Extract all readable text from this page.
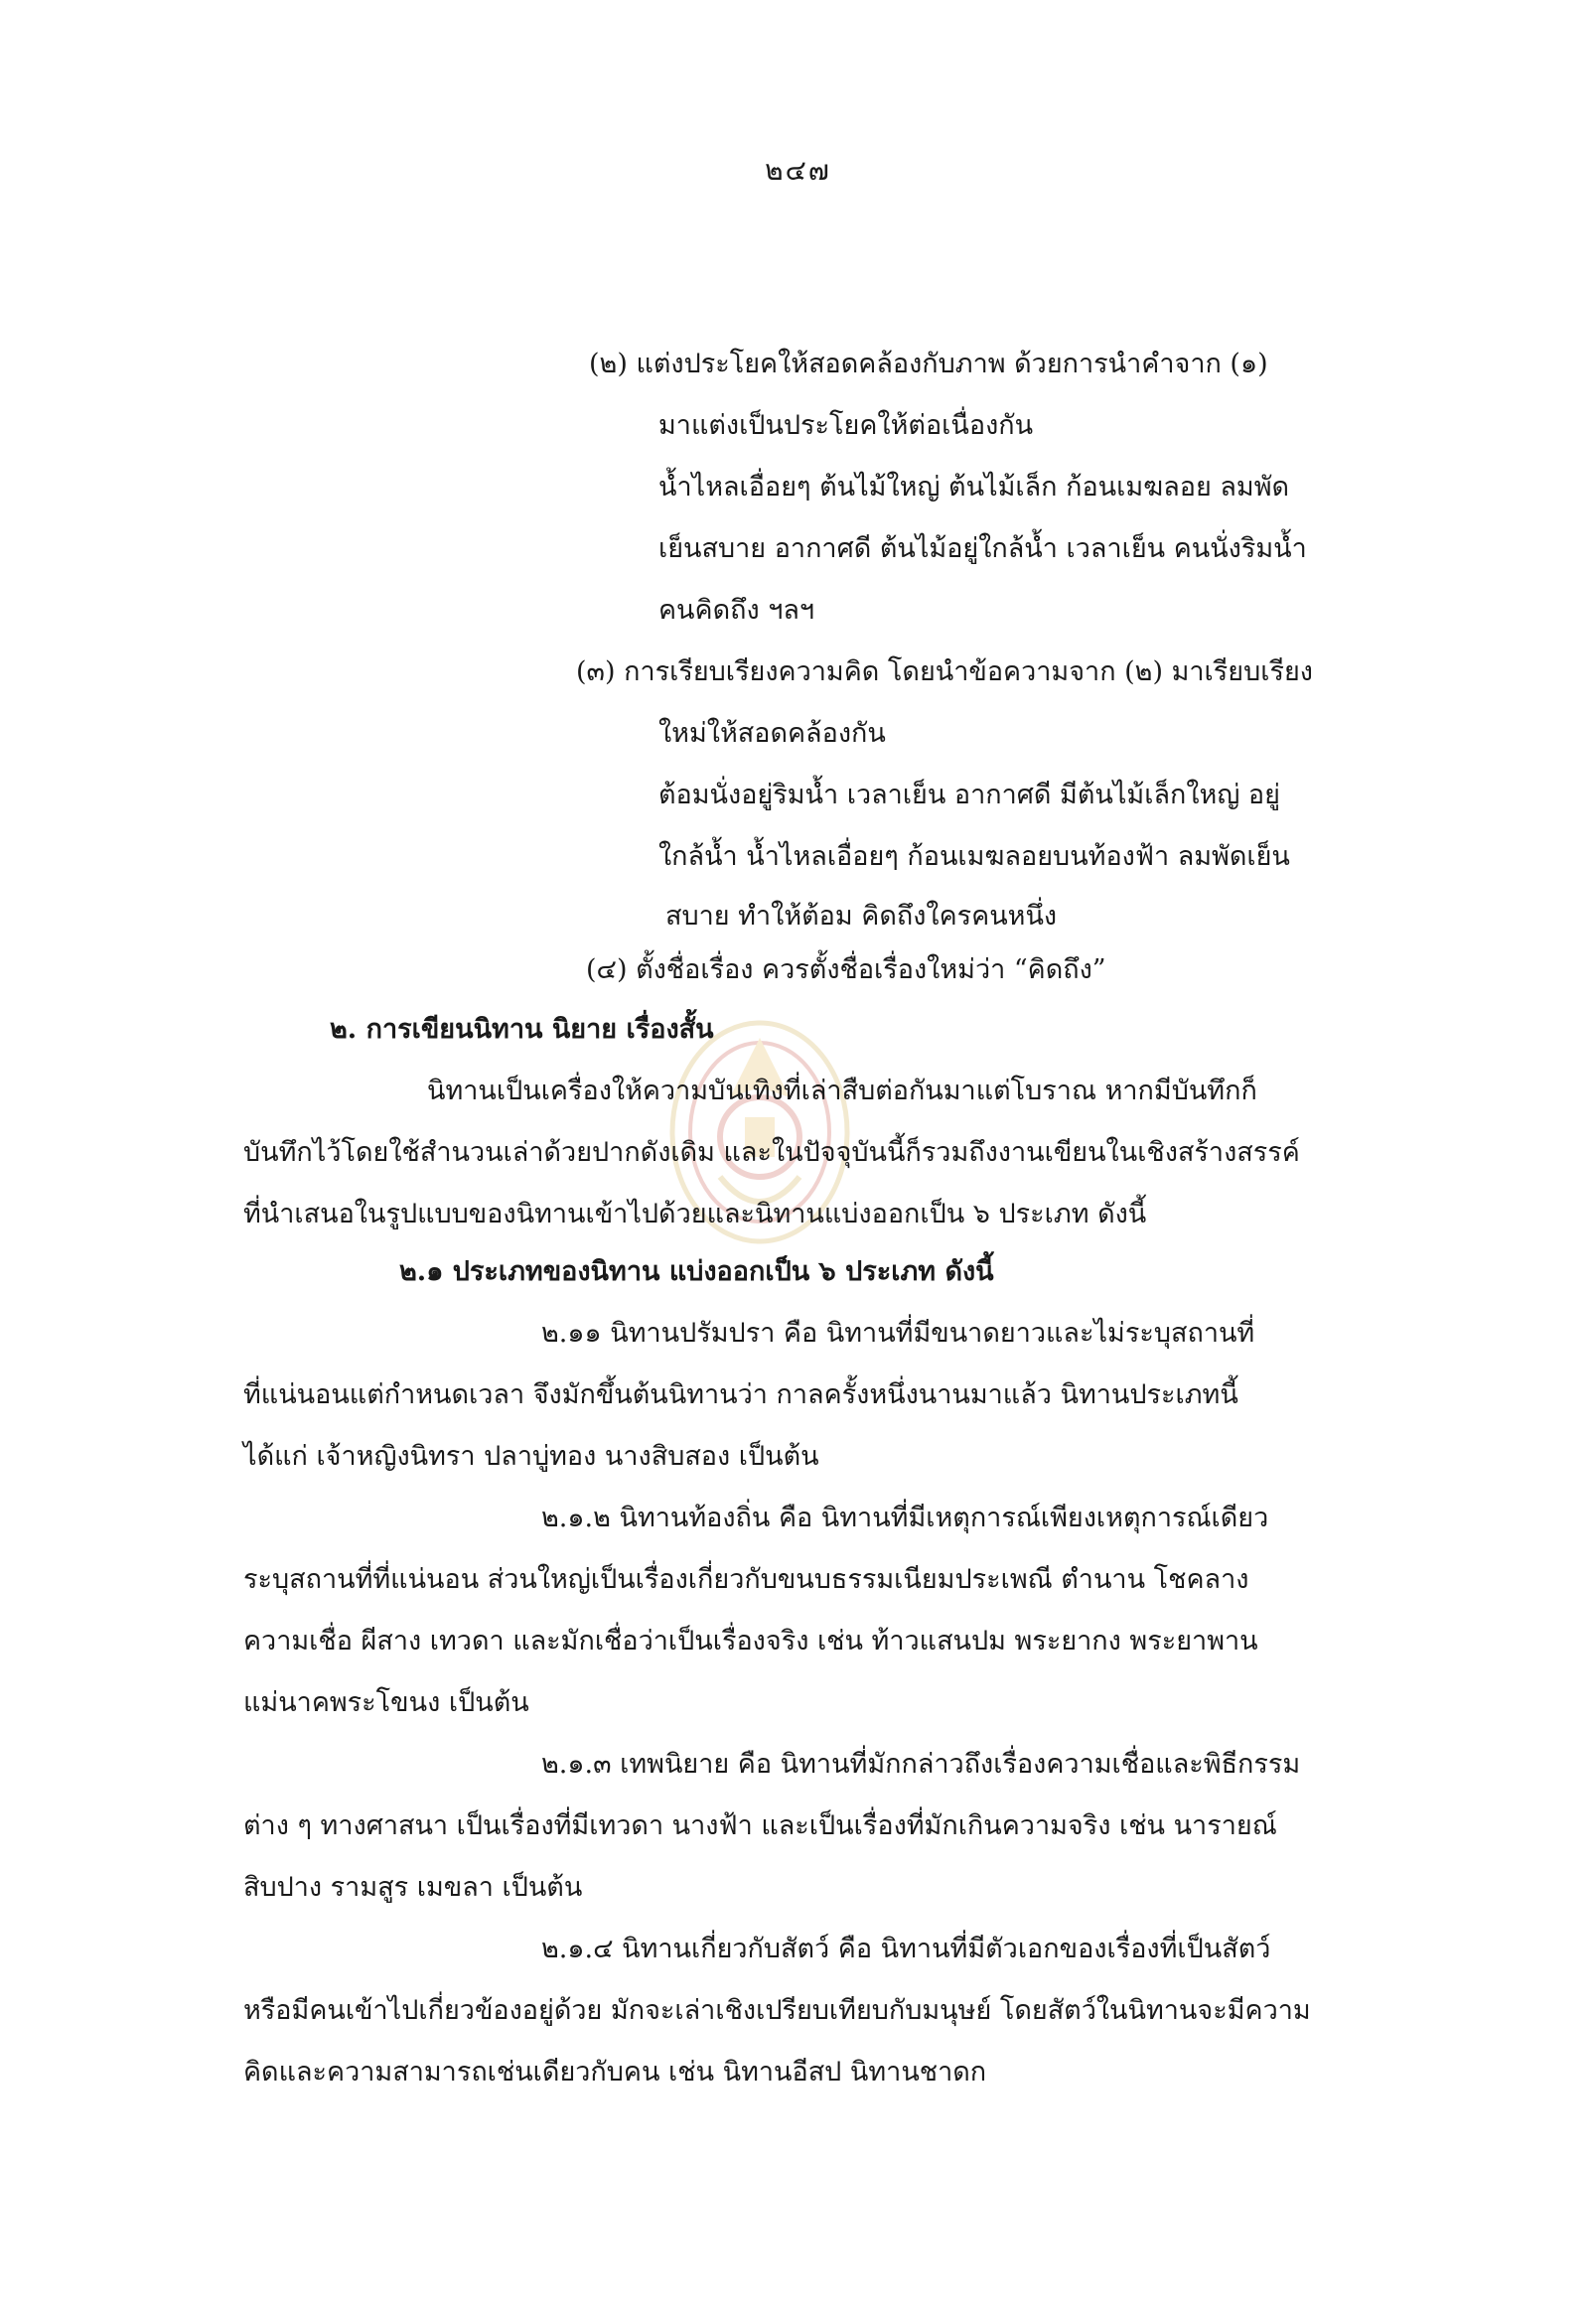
๒๔๗
(๒) แต่งประโยคให้สอดคล้องกับภาพ ด้วยการนำคำจาก (๑)
มาแต่งเป็นประโยคให้ต่อเนื่องกัน
น้ำไหลเอื่อยๆ ต้นไม้ใหญ่ ต้นไม้เล็ก ก้อนเมฆลอย ลมพัด
เย็นสบาย อากาศดี ต้นไม้อยู่ใกล้น้ำ เวลาเย็น คนนั่งริมน้ำ
คนคิดถึง ฯลฯ
(๓) การเรียบเรียงความคิด โดยนำข้อความจาก (๒) มาเรียบเรียง
ใหม่ให้สอดคล้องกัน
ต้อมนั่งอยู่ริมน้ำ เวลาเย็น อากาศดี มีต้นไม้เล็กใหญ่ อยู่
ใกล้น้ำ น้ำไหลเอื่อยๆ ก้อนเมฆลอยบนท้องฟ้า ลมพัดเย็น
สบาย ทำให้ต้อม คิดถึงใครคนหนึ่ง
(๔) ตั้งชื่อเรื่อง ควรตั้งชื่อเรื่องใหม่ว่า “คิดถึง”
๒. การเขียนนิทาน นิยาย เรื่องสั้น
นิทานเป็นเครื่องให้ความบันเทิงที่เล่าสืบต่อกันมาแต่โบราณ หากมีบันทึกก็
บันทึกไว้โดยใช้สำนวนเล่าด้วยปากดังเดิม และในปัจจุบันนี้ก็รวมถึงงานเขียนในเชิงสร้างสรรค์
ที่นำเสนอในรูปแบบของนิทานเข้าไปด้วยและนิทานแบ่งออกเป็น ๖ ประเภท ดังนี้
๒.๑ ประเภทของนิทาน แบ่งออกเป็น ๖ ประเภท ดังนี้
๒.๑๑ นิทานปรัมปรา คือ นิทานที่มีขนาดยาวและไม่ระบุสถานที่
ที่แน่นอนแต่กำหนดเวลา จึงมักขึ้นต้นนิทานว่า กาลครั้งหนึ่งนานมาแล้ว นิทานประเภทนี้
ได้แก่ เจ้าหญิงนิทรา ปลาบู่ทอง นางสิบสอง เป็นต้น
๒.๑.๒ นิทานท้องถิ่น คือ นิทานที่มีเหตุการณ์เพียงเหตุการณ์เดียว
ระบุสถานที่ที่แน่นอน ส่วนใหญ่เป็นเรื่องเกี่ยวกับขนบธรรมเนียมประเพณี ตำนาน โชคลาง
ความเชื่อ ผีสาง เทวดา และมักเชื่อว่าเป็นเรื่องจริง เช่น ท้าวแสนปม พระยากง พระยาพาน
แม่นาคพระโขนง เป็นต้น
๒.๑.๓ เทพนิยาย คือ นิทานที่มักกล่าวถึงเรื่องความเชื่อและพิธีกรรม
ต่าง ๆ ทางศาสนา เป็นเรื่องที่มีเทวดา นางฟ้า และเป็นเรื่องที่มักเกินความจริง เช่น นารายณ์
สิบปาง รามสูร เมขลา เป็นต้น
๒.๑.๔ นิทานเกี่ยวกับสัตว์ คือ นิทานที่มีตัวเอกของเรื่องที่เป็นสัตว์
หรือมีคนเข้าไปเกี่ยวข้องอยู่ด้วย มักจะเล่าเชิงเปรียบเทียบกับมนุษย์ โดยสัตว์ในนิทานจะมีความ
คิดและความสามารถเช่นเดียวกับคน เช่น นิทานอีสป นิทานชาดก
